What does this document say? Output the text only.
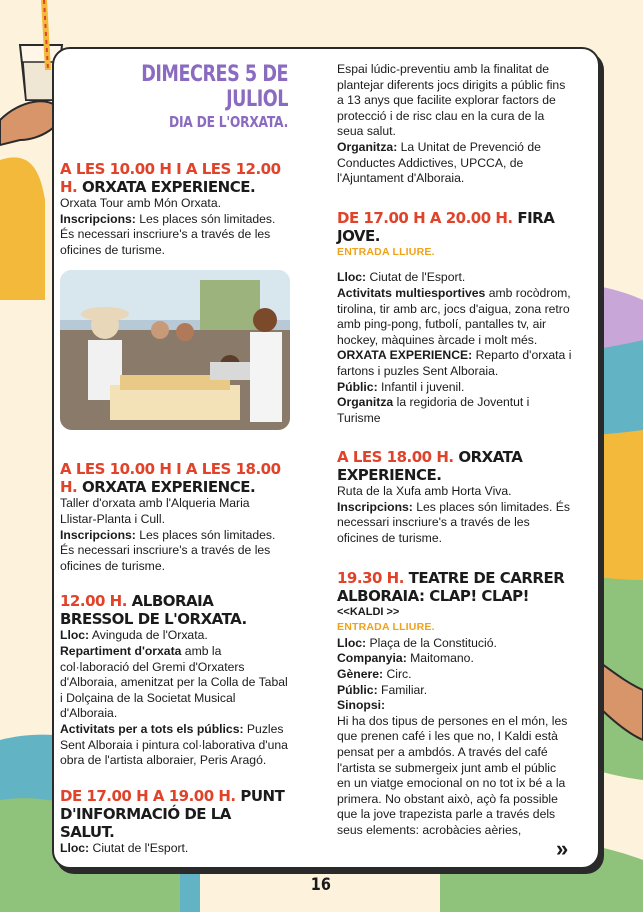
DIMECRES 5 DE JULIOL
DIA DE L'ORXATA.

A LES 10.00 H I A LES 12.00 H. ORXATA EXPERIENCE.

Orxata Tour amb Món Orxata.

Inscripcions: Les places són limitades. És necessari inscriure's a través de les oficines de turisme.

A LES 10.00 H I A LES 18.00 H. ORXATA EXPERIENCE.

Taller d'orxata amb l'Alqueria Maria Llistar-Planta i Cull.

Inscripcions: Les places són limitades. És necessari inscriure's a través de les oficines de turisme.

12.00 H. ALBORAIA BRESSOL DE L'ORXATA.

Lloc: Avinguda de l'Orxata.

Repartiment d'orxata amb la col·laboració del Gremi d'Orxaters d'Alboraia, amenitzat per la Colla de Tabal i Dolçaina de la Societat Musical d'Alboraia.

Activitats per a tots els públics: Puzles Sent Alboraia i pintura col·laborativa d'una obra de l'artista alboraier, Peris Aragó.

DE 17.00 H A 19.00 H. PUNT D'INFORMACIÓ DE LA SALUT.

Lloc: Ciutat de l'Esport.

Espai lúdic-preventiu amb la finalitat de plantejar diferents jocs dirigits a públic fins a 13 anys que facilite explorar factors de protecció i de risc clau en la cura de la seua salut.

Organitza: La Unitat de Prevenció de Conductes Addictives, UPCCA, de l'Ajuntament d'Alboraia.

DE 17.00 H A 20.00 H. FIRA JOVE.

ENTRADA LLIURE.

Lloc: Ciutat de l'Esport.

Activitats multiesportives amb rocòdrom, tirolina, tir amb arc, jocs d'aigua, zona retro amb ping-pong, futbolí, pantalles tv, air hockey, màquines àrcade i molt més.

ORXATA EXPERIENCE: Reparto d'orxata i fartons i puzles Sent Alboraia.

Públic: Infantil i juvenil.

Organitza la regidoria de Joventut i Turisme

A LES 18.00 H. ORXATA EXPERIENCE.

Ruta de la Xufa amb Horta Viva.

Inscripcions: Les places són limitades. És necessari inscriure's a través de les oficines de turisme.

19.30 H. TEATRE DE CARRER ALBORAIA: CLAP! CLAP!

<<KALDI >>

ENTRADA LLIURE.

Lloc: Plaça de la Constitució.

Companyia: Maitomano.

Gènere: Circ.

Públic: Familiar.

Sinopsi:

Hi ha dos tipus de persones en el món, les que prenen café i les que no, I Kaldi està pensat per a ambdós. A través del café l'artista se submergeix junt amb el públic en un viatge emocional on no tot ix bé a la primera. No obstant això, açò fa possible que la jove trapezista parle a través dels seus elements: acrobàcies aèries,

»
16
